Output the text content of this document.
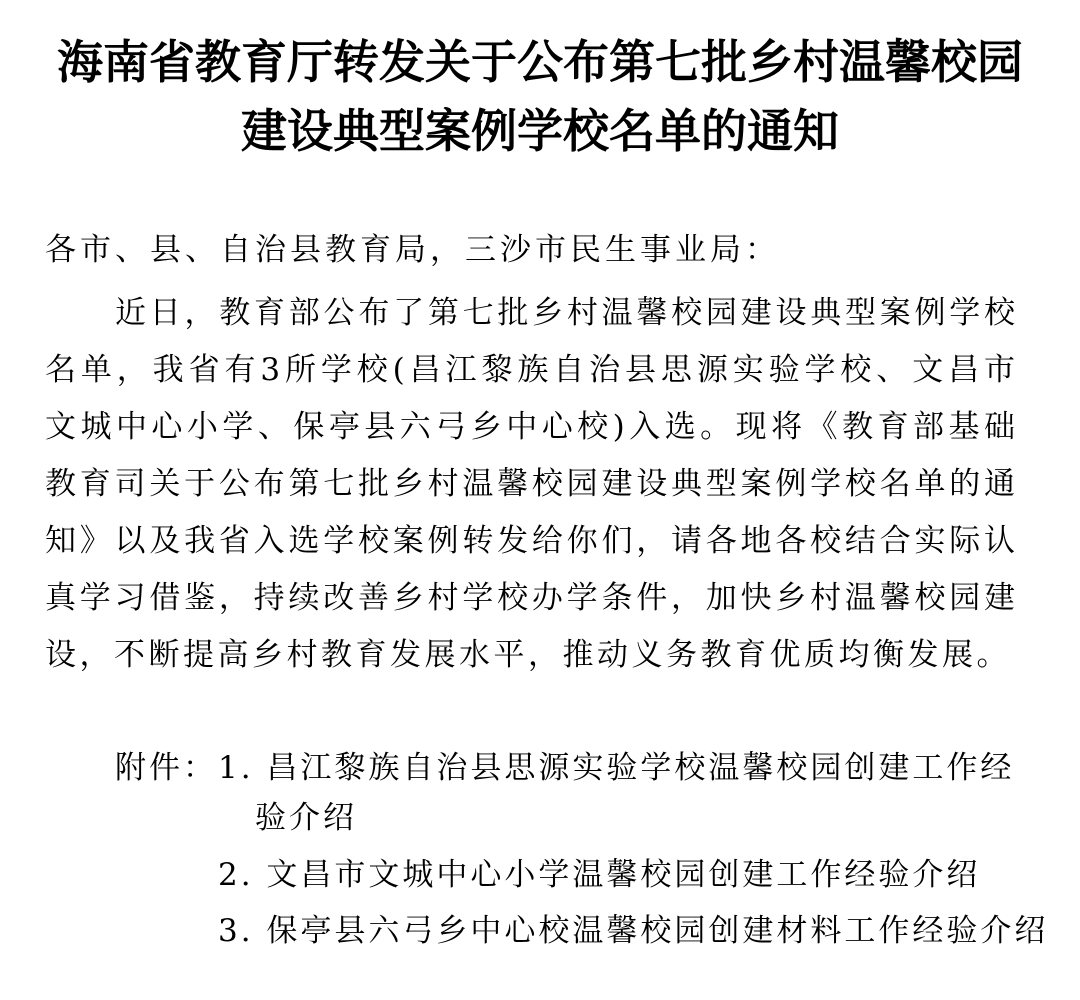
海南省教育厅转发关于公布第七批乡村温馨校园
建设典型案例学校名单的通知
各市、县、自治县教育局，三沙市民生事业局：
近日，教育部公布了第七批乡村温馨校园建设典型案例学校
名单，我省有3所学校(昌江黎族自治县思源实验学校、文昌市
文城中心小学、保亭县六弓乡中心校)入选。现将《教育部基础
教育司关于公布第七批乡村温馨校园建设典型案例学校名单的通
知》以及我省入选学校案例转发给你们，请各地各校结合实际认
真学习借鉴，持续改善乡村学校办学条件，加快乡村温馨校园建
设，不断提高乡村教育发展水平，推动义务教育优质均衡发展。
附件： 1. 昌江黎族自治县思源实验学校温馨校园创建工作经
验介绍
2. 文昌市文城中心小学温馨校园创建工作经验介绍
3. 保亭县六弓乡中心校温馨校园创建材料工作经验介绍
